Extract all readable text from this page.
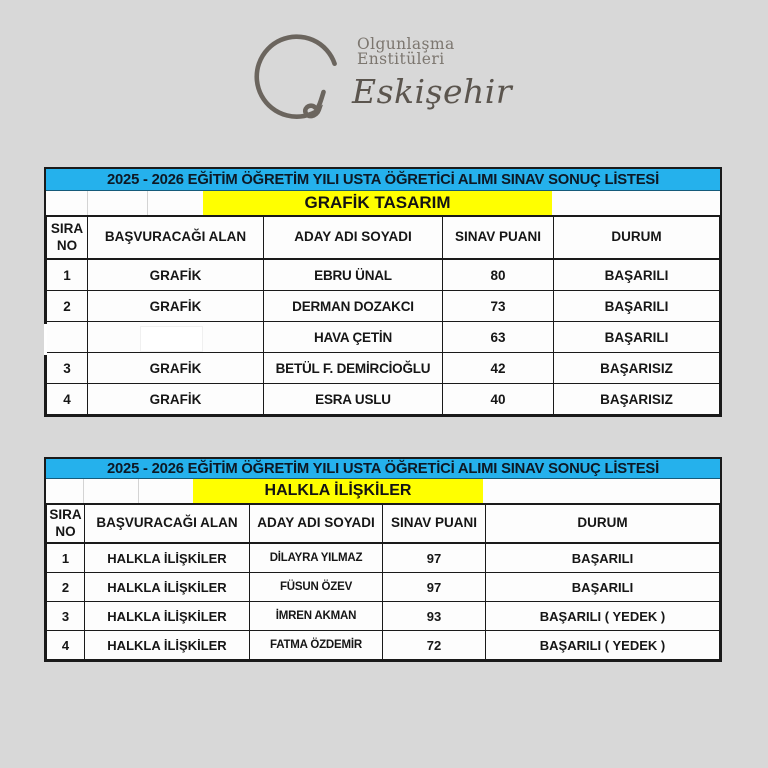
Olgunlaşma
Enstitüleri
Eskişehir
2025 - 2026 EĞİTİM ÖĞRETİM YILI USTA ÖĞRETİCİ ALIMI SINAV SONUÇ LİSTESİ
GRAFİK TASARIM
SIRA NO	BAŞVURACAĞI ALAN	ADAY ADI SOYADI	SINAV PUANI	DURUM
1	GRAFİK	EBRU ÜNAL	80	BAŞARILI
2	GRAFİK	DERMAN DOZAKCI	73	BAŞARILI
		HAVA ÇETİN	63	BAŞARILI
3	GRAFİK	BETÜL F. DEMİRCİOĞLU	42	BAŞARISIZ
4	GRAFİK	ESRA USLU	40	BAŞARISIZ
2025 - 2026 EĞİTİM ÖĞRETİM YILI USTA ÖĞRETİCİ ALIMI SINAV SONUÇ LİSTESİ
HALKLA İLİŞKİLER
SIRA NO	BAŞVURACAĞI ALAN	ADAY ADI SOYADI	SINAV PUANI	DURUM
1	HALKLA İLİŞKİLER	DİLAYRA YILMAZ	97	BAŞARILI
2	HALKLA İLİŞKİLER	FÜSUN ÖZEV	97	BAŞARILI
3	HALKLA İLİŞKİLER	İMREN AKMAN	93	BAŞARILI ( YEDEK )
4	HALKLA İLİŞKİLER	FATMA ÖZDEMİR	72	BAŞARILI ( YEDEK )
